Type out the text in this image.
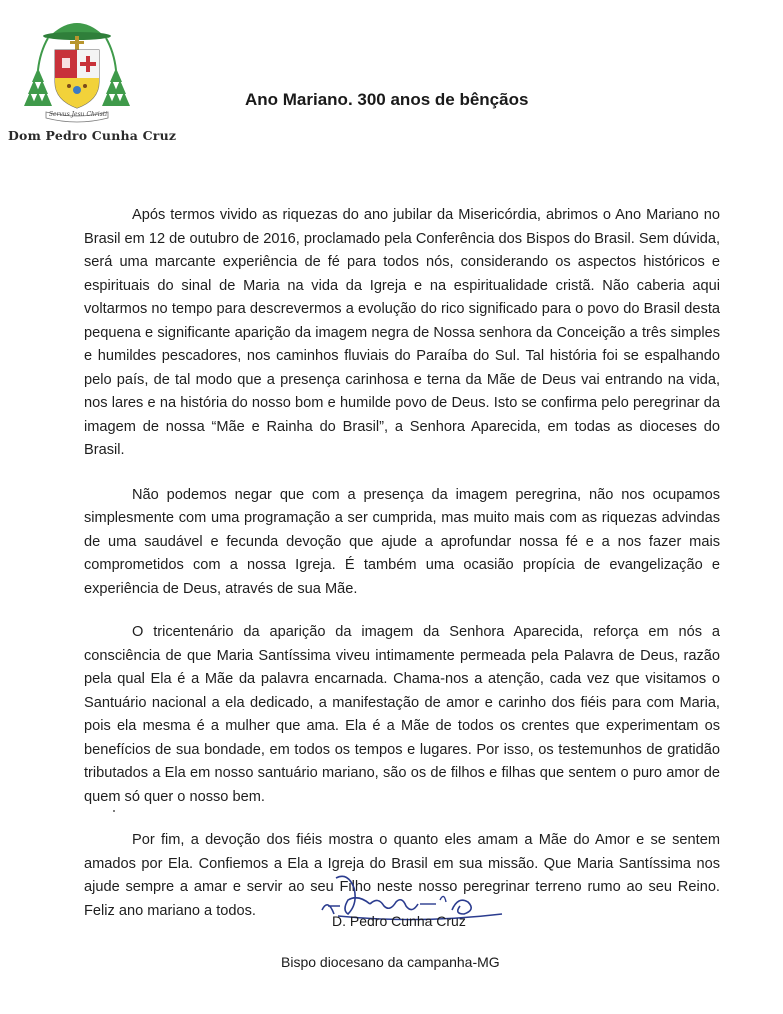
Servus Jesu Christi
Dom Pedro Cunha Cruz
Ano Mariano. 300 anos de bênçãos

Após termos vivido as riquezas do ano jubilar da Misericórdia, abrimos o Ano Mariano no Brasil em 12 de outubro de 2016, proclamado pela Conferência dos Bispos do Brasil. Sem dúvida, será uma marcante experiência de fé para todos nós, considerando os aspectos históricos e espirituais do sinal de Maria na vida da Igreja e na espiritualidade cristã. Não caberia aqui voltarmos no tempo para descrevermos a evolução do rico significado para o povo do Brasil desta pequena e significante aparição da imagem negra de Nossa senhora da Conceição a três simples e humildes pescadores, nos caminhos fluviais do Paraíba do Sul. Tal história foi se espalhando pelo país, de tal modo que a presença carinhosa e terna da Mãe de Deus vai entrando na vida, nos lares e na história do nosso bom e humilde povo de Deus. Isto se confirma pelo peregrinar da imagem de nossa “Mãe e Rainha do Brasil”, a Senhora Aparecida, em todas as dioceses do Brasil.

Não podemos negar que com a presença da imagem peregrina, não nos ocupamos simplesmente com uma programação a ser cumprida, mas muito mais com as riquezas advindas de uma saudável e fecunda devoção que ajude a aprofundar nossa fé e a nos fazer mais comprometidos com a nossa Igreja. É também uma ocasião propícia de evangelização e experiência de Deus, através de sua Mãe.

O tricentenário da aparição da imagem da Senhora Aparecida, reforça em nós a consciência de que Maria Santíssima viveu intimamente permeada pela Palavra de Deus, razão pela qual Ela é a Mãe da palavra encarnada. Chama-nos a atenção, cada vez que visitamos o Santuário nacional a ela dedicado, a manifestação de amor e carinho dos fiéis para com Maria, pois ela mesma é a mulher que ama. Ela é a Mãe de todos os crentes que experimentam os benefícios de sua bondade, em todos os tempos e lugares. Por isso, os testemunhos de gratidão tributados a Ela em nosso santuário mariano, são os de filhos e filhas que sentem o puro amor de quem só quer o nosso bem.

Por fim, a devoção dos fiéis mostra o quanto eles amam a Mãe do Amor e se sentem amados por Ela. Confiemos a Ela a Igreja do Brasil em sua missão. Que Maria Santíssima nos ajude sempre a amar e servir ao seu Filho neste nosso peregrinar terreno rumo ao seu Reino. Feliz ano mariano a todos.

D. Pedro Cunha Cruz
Bispo diocesano da campanha-MG
